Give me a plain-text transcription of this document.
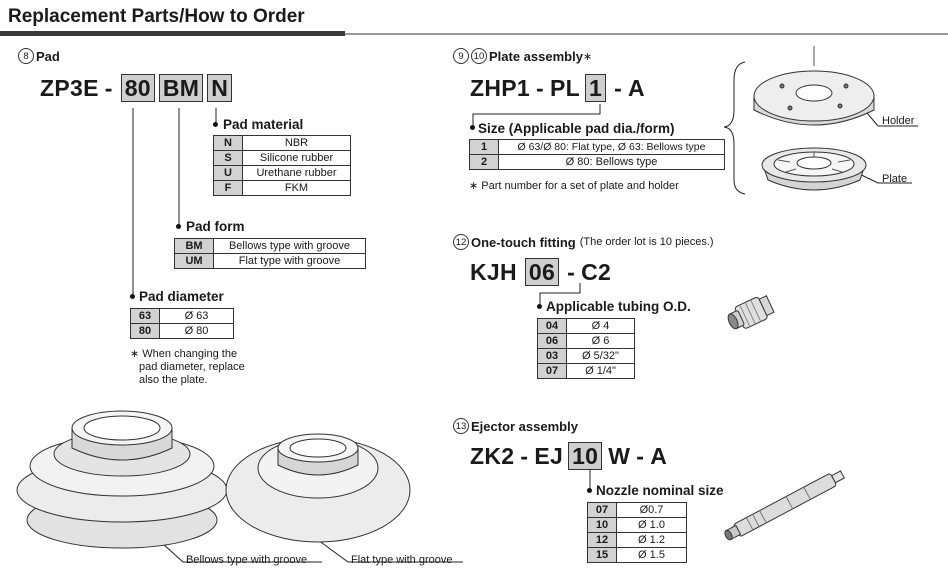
Replacement Parts/How to Order
8 Pad
ZP3E - 80 BM N
Pad material
N	NBR
S	Silicone rubber
U	Urethane rubber
F	FKM
Pad form
BM	Bellows type with groove
UM	Flat type with groove
Pad diameter
63	Ø 63
80	Ø 80
∗ When changing the
pad diameter, replace
also the plate.
Bellows type with groove	Flat type with groove
9	10 Plate assembly ∗
ZHP1 - PL 1 - A
Size (Applicable pad dia./form)
1	Ø 63/Ø 80: Flat type, Ø 63: Bellows type
2	Ø 80: Bellows type
∗ Part number for a set of plate and holder
Holder
Plate
12 One-touch fitting (The order lot is 10 pieces.)
KJH 06 - C2
Applicable tubing O.D.
04	Ø 4
06	Ø 6
03	Ø 5/32"
07	Ø 1/4"
13 Ejector assembly
ZK2 - EJ 10 W - A
Nozzle nominal size
07	Ø0.7
10	Ø 1.0
12	Ø 1.2
15	Ø 1.5
